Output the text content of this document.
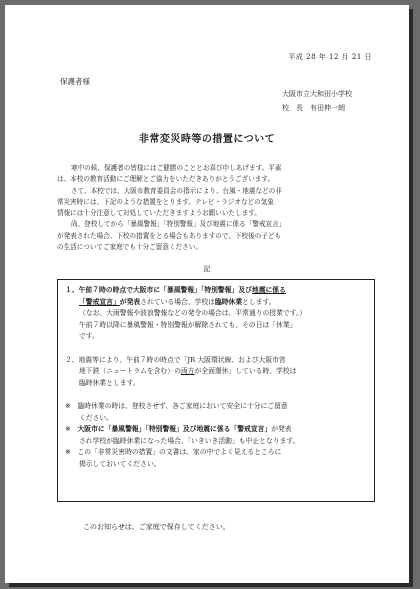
平成 28 年 12 月 21 日
保護者様
大阪市立大和田小学校
校　長　有田伸一朗
非常変災時等の措置について

寒中の候、保護者の皆様にはご健勝のこととお喜び申しあげます。平素

は、本校の教育活動にご理解とご協力をいただきありがとうございます。

さて、本校では、大阪市教育委員会の指示により、台風・地震などの非

常災害時には、下記のような措置をとります。テレビ・ラジオなどの気象

情報には十分注意して対処していただきますようお願いいたします。

尚、登校してから「暴風警報」「特別警報」及び地震に係る「警戒宣言」

が発表された場合、下校の措置をとる場合もありますので、下校後の子ども

の生活についてご家庭でも十分ご留意ください。

記

１、午前７時の時点で大阪市に「暴風警報」「特別警報」及び地震に係る

「警戒宣言」が発表されている場合、学校は臨時休業とします。

（なお、大雨警報や波浪警報などの発令の場合は、平常通りの授業です。）

午前７時以降に暴風警報・特別警報が解除されても、その日は「休業」

です。

２、地震等により、午前７時の時点で「JR 大阪環状線、および大阪市営

地下鉄（ニュートラムを含む）の両方が全面運休」している時、学校は

臨時休業とします。

※　 臨時休業の時は、登校させず、各ご家庭において安全に十分にご留意

ください。

※　 大阪市に「暴風警報」「特別警報」及び地震に係る「警戒宣言」が発表

され学校が臨時休業になった場合、「いきいき活動」も中止となります。

※　 この「非常災害時の措置」の文書は、家の中でよく見えるところに

掲示しておいてください。

このお知らせは、ご家庭で保存してください。
